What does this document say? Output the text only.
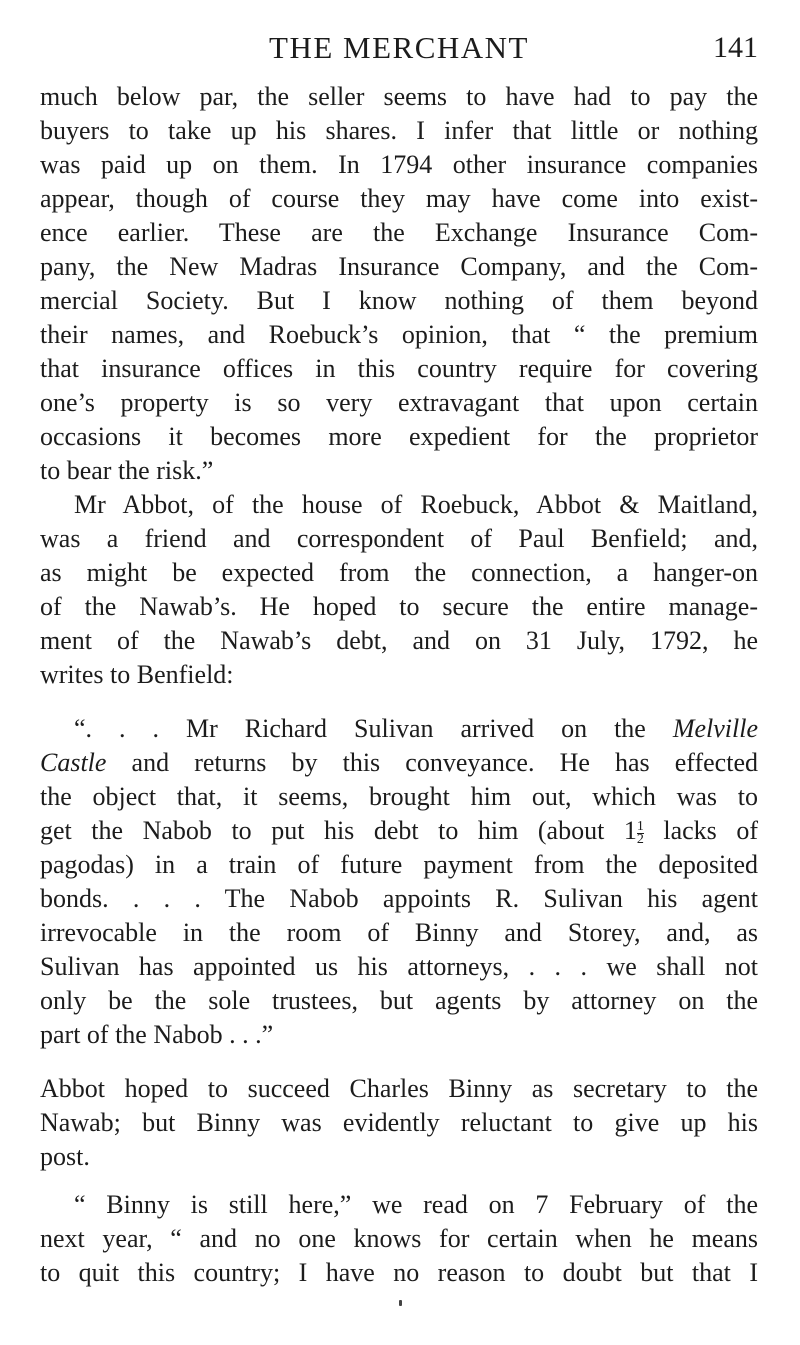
THE MERCHANT	141
much below par, the seller seems to have had to pay the
buyers to take up his shares. I infer that little or nothing
was paid up on them. In 1794 other insurance companies
appear, though of course they may have come into exist-
ence earlier. These are the Exchange Insurance Com-
pany, the New Madras Insurance Company, and the Com-
mercial Society. But I know nothing of them beyond
their names, and Roebuck’s opinion, that “ the premium
that insurance offices in this country require for covering
one’s property is so very extravagant that upon certain
occasions it becomes more expedient for the proprietor
to bear the risk.”
Mr Abbot, of the house of Roebuck, Abbot & Maitland,
was a friend and correspondent of Paul Benfield; and,
as might be expected from the connection, a hanger-on
of the Nawab’s. He hoped to secure the entire manage-
ment of the Nawab’s debt, and on 31 July, 1792, he
writes to Benfield:
“. . . Mr Richard Sulivan arrived on the Melville
Castle and returns by this conveyance. He has effected
the object that, it seems, brought him out, which was to
get the Nabob to put his debt to him (about $1 \frac{1}{2}$ lacks of
pagodas) in a train of future payment from the deposited
bonds. . . . The Nabob appoints R. Sulivan his agent
irrevocable in the room of Binny and Storey, and, as
Sulivan has appointed us his attorneys, . . . we shall not
only be the sole trustees, but agents by attorney on the
part of the Nabob . . .”
Abbot hoped to succeed Charles Binny as secretary to the
Nawab; but Binny was evidently reluctant to give up his
post.
“ Binny is still here,” we read on 7 February of the
next year, “ and no one knows for certain when he means
to quit this country; I have no reason to doubt but that I
